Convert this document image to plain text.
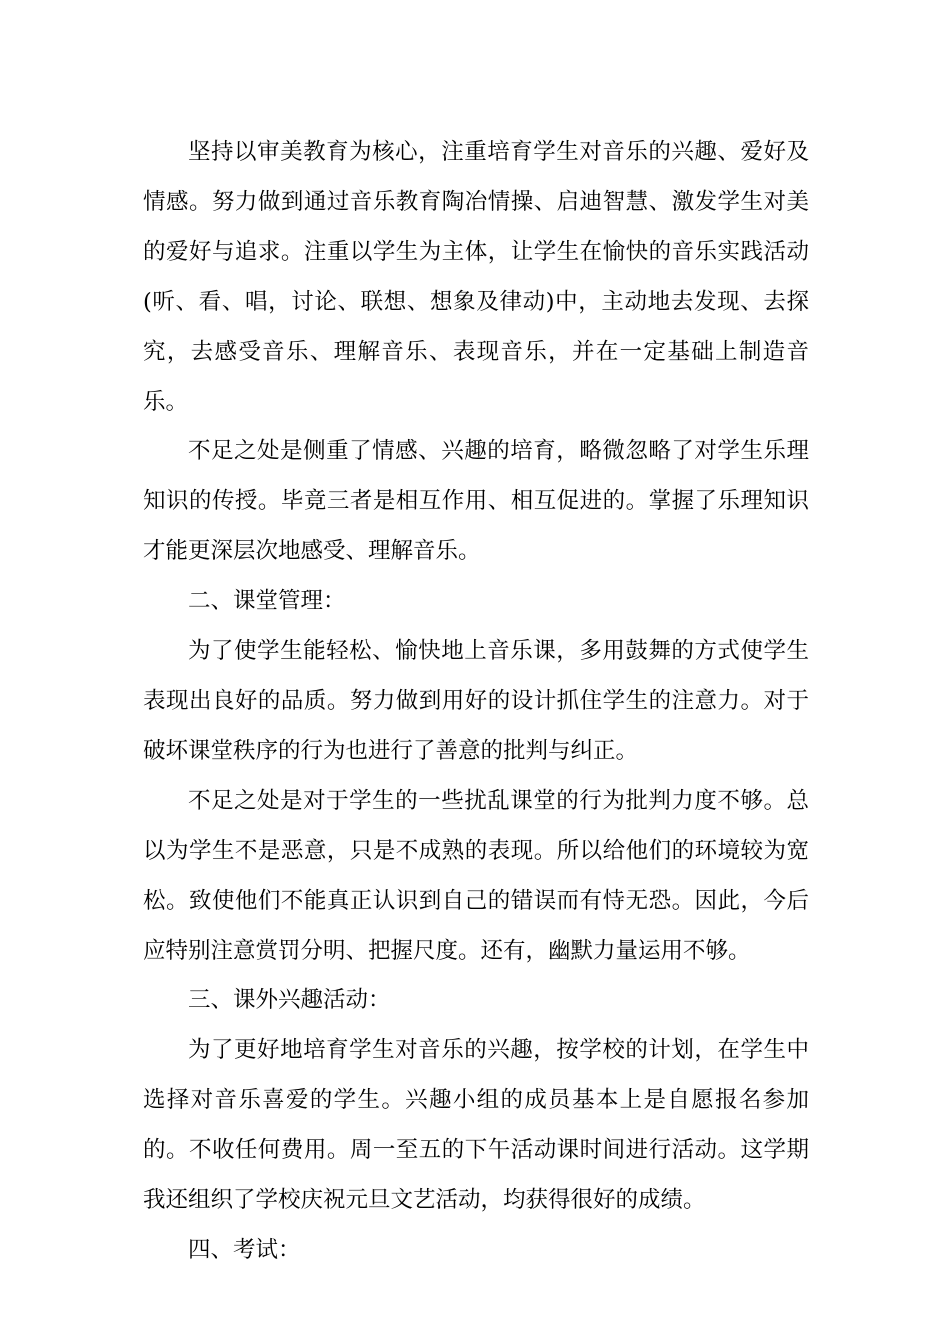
坚持以审美教育为核心，注重培育学生对音乐的兴趣、爱好及情感。努力做到通过音乐教育陶冶情操、启迪智慧、激发学生对美的爱好与追求。注重以学生为主体，让学生在愉快的音乐实践活动(听、看、唱，讨论、联想、想象及律动)中，主动地去发现、去探究，去感受音乐、理解音乐、表现音乐，并在一定基础上制造音乐。

不足之处是侧重了情感、兴趣的培育，略微忽略了对学生乐理知识的传授。毕竟三者是相互作用、相互促进的。掌握了乐理知识才能更深层次地感受、理解音乐。

二、课堂管理：

为了使学生能轻松、愉快地上音乐课，多用鼓舞的方式使学生表现出良好的品质。努力做到用好的设计抓住学生的注意力。对于破坏课堂秩序的行为也进行了善意的批判与纠正。

不足之处是对于学生的一些扰乱课堂的行为批判力度不够。总以为学生不是恶意，只是不成熟的表现。所以给他们的环境较为宽松。致使他们不能真正认识到自己的错误而有恃无恐。因此，今后应特别注意赏罚分明、把握尺度。还有，幽默力量运用不够。

三、课外兴趣活动：

为了更好地培育学生对音乐的兴趣，按学校的计划，在学生中选择对音乐喜爱的学生。兴趣小组的成员基本上是自愿报名参加的。不收任何费用。周一至五的下午活动课时间进行活动。这学期我还组织了学校庆祝元旦文艺活动，均获得很好的成绩。

四、考试：
